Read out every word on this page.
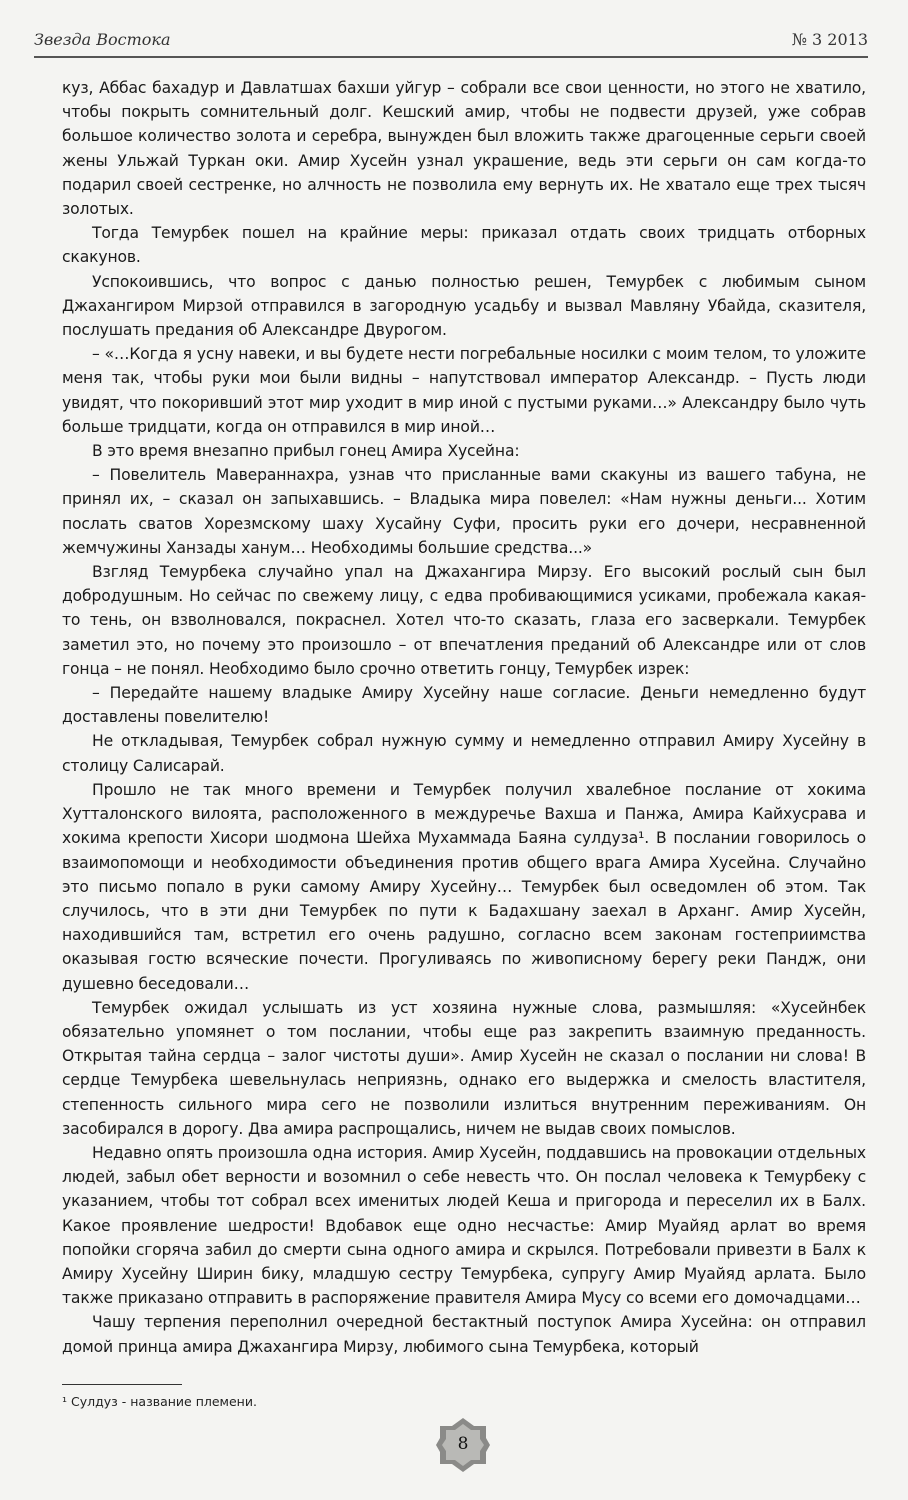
Звезда Востока	№ 3 2013

куз, Аббас бахадур и Давлатшах бахши уйгур – собрали все свои ценности, но этого не хватило, чтобы покрыть сомнительный долг. Кешский амир, чтобы не подвести друзей, уже собрав большое количество золота и серебра, вынужден был вложить также драгоценные серьги своей жены Ульжай Туркан оки. Амир Хусейн узнал украшение, ведь эти серьги он сам когда-то подарил своей сестренке, но алчность не позволила ему вернуть их. Не хватало еще трех тысяч золотых.

Тогда Темурбек пошел на крайние меры: приказал отдать своих тридцать отборных скакунов.

Успокоившись, что вопрос с данью полностью решен, Темурбек с любимым сыном Джахангиром Мирзой отправился в загородную усадьбу и вызвал Мавляну Убайда, сказителя, послушать предания об Александре Двурогом.

– «…Когда я усну навеки, и вы будете нести погребальные носилки с моим телом, то уложите меня так, чтобы руки мои были видны – напутствовал император Александр. – Пусть люди увидят, что покоривший этот мир уходит в мир иной с пустыми руками…» Александру было чуть больше тридцати, когда он отправился в мир иной…

В это время внезапно прибыл гонец Амира Хусейна:

– Повелитель Мавераннахра, узнав что присланные вами скакуны из вашего табуна, не принял их, – сказал он запыхавшись. – Владыка мира повелел: «Нам нужны деньги... Хотим послать сватов Хорезмскому шаху Хусайну Суфи, просить руки его дочери, несравненной жемчужины Ханзады ханум… Необходимы большие средства...»

Взгляд Темурбека случайно упал на Джахангира Мирзу. Его высокий рослый сын был добродушным. Но сейчас по свежему лицу, с едва пробивающимися усиками, пробежала какая-то тень, он взволновался, покраснел. Хотел что-то сказать, глаза его засверкали. Темурбек заметил это, но почему это произошло – от впечатления преданий об Александре или от слов гонца – не понял. Необходимо было срочно ответить гонцу, Темурбек изрек:

– Передайте нашему владыке Амиру Хусейну наше согласие. Деньги немедленно будут доставлены повелителю!

Не откладывая, Темурбек собрал нужную сумму и немедленно отправил Амиру Хусейну в столицу Салисарай.

Прошло не так много времени и Темурбек получил хвалебное послание от хокима Хутталонского вилоята, расположенного в междуречье Вахша и Панжа, Амира Кайхусрава и хокима крепости Хисори шодмона Шейха Мухаммада Баяна сулдуза¹. В послании говорилось о взаимопомощи и необходимости объединения против общего врага Амира Хусейна. Случайно это письмо попало в руки самому Амиру Хусейну… Темурбек был осведомлен об этом. Так случилось, что в эти дни Темурбек по пути к Бадахшану заехал в Арханг. Амир Хусейн, находившийся там, встретил его очень радушно, согласно всем законам гостеприимства оказывая гостю всяческие почести. Прогуливаясь по живописному берегу реки Пандж, они душевно беседовали…

Темурбек ожидал услышать из уст хозяина нужные слова, размышляя: «Хусейнбек обязательно упомянет о том послании, чтобы еще раз закрепить взаимную преданность. Открытая тайна сердца – залог чистоты души». Амир Хусейн не сказал о послании ни слова! В сердце Темурбека шевельнулась неприязнь, однако его выдержка и смелость властителя, степенность сильного мира сего не позволили излиться внутренним переживаниям. Он засобирался в дорогу. Два амира распрощались, ничем не выдав своих помыслов.

Недавно опять произошла одна история. Амир Хусейн, поддавшись на провокации отдельных людей, забыл обет верности и возомнил о себе невесть что. Он послал человека к Темурбеку с указанием, чтобы тот собрал всех именитых людей Кеша и пригорода и переселил их в Балх. Какое проявление шедрости! Вдобавок еще одно несчастье: Амир Муайяд арлат во время попойки сгоряча забил до смерти сына одного амира и скрылся. Потребовали привезти в Балх к Амиру Хусейну Ширин бику, младшую сестру Темурбека, супругу Амир Муайяд арлата. Было также приказано отправить в распоряжение правителя Амира Мусу со всеми его домочадцами…

Чашу терпения переполнил очередной бестактный поступок Амира Хусейна: он отправил домой принца амира Джахангира Мирзу, любимого сына Темурбека, который

¹ Сулдуз - название племени.
8
